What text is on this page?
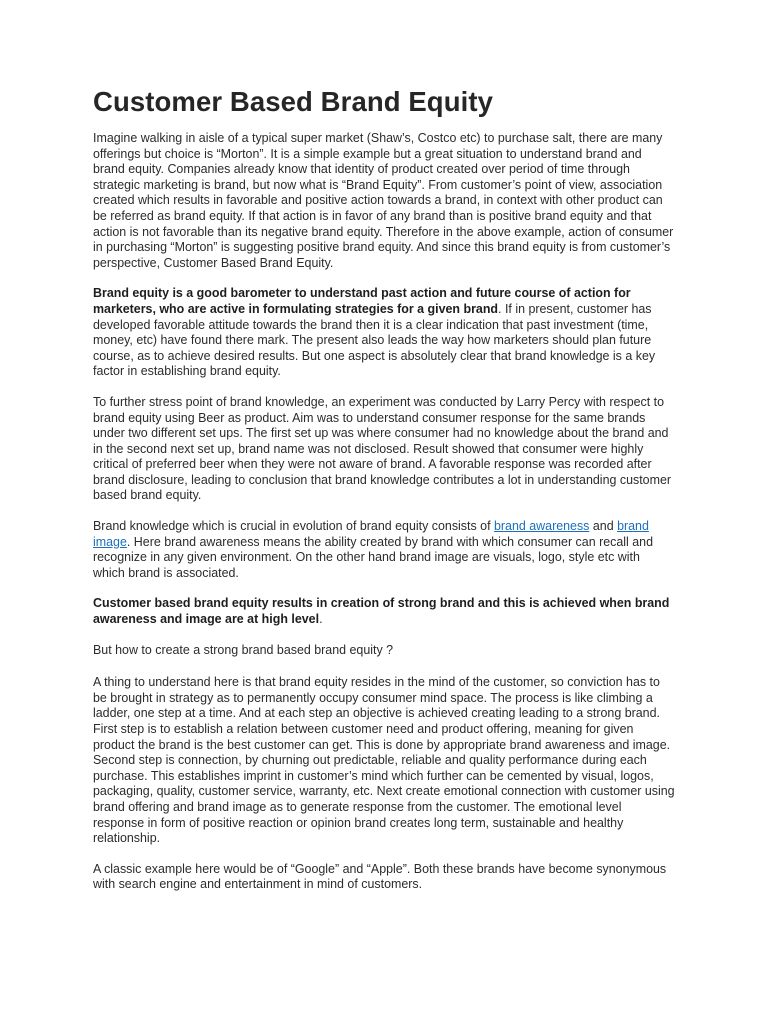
Customer Based Brand Equity

Imagine walking in aisle of a typical super market (Shaw’s, Costco etc) to purchase salt, there are many offerings but choice is “Morton”. It is a simple example but a great situation to understand brand and brand equity. Companies already know that identity of product created over period of time through strategic marketing is brand, but now what is “Brand Equity”. From customer’s point of view, association created which results in favorable and positive action towards a brand, in context with other product can be referred as brand equity. If that action is in favor of any brand than is positive brand equity and that action is not favorable than its negative brand equity. Therefore in the above example, action of consumer in purchasing “Morton” is suggesting positive brand equity. And since this brand equity is from customer’s perspective, Customer Based Brand Equity.

Brand equity is a good barometer to understand past action and future course of action for marketers, who are active in formulating strategies for a given brand. If in present, customer has developed favorable attitude towards the brand then it is a clear indication that past investment (time, money, etc) have found there mark. The present also leads the way how marketers should plan future course, as to achieve desired results. But one aspect is absolutely clear that brand knowledge is a key factor in establishing brand equity.

To further stress point of brand knowledge, an experiment was conducted by Larry Percy with respect to brand equity using Beer as product. Aim was to understand consumer response for the same brands under two different set ups. The first set up was where consumer had no knowledge about the brand and in the second next set up, brand name was not disclosed. Result showed that consumer were highly critical of preferred beer when they were not aware of brand. A favorable response was recorded after brand disclosure, leading to conclusion that brand knowledge contributes a lot in understanding customer based brand equity.

Brand knowledge which is crucial in evolution of brand equity consists of brand awareness and brand image. Here brand awareness means the ability created by brand with which consumer can recall and recognize in any given environment. On the other hand brand image are visuals, logo, style etc with which brand is associated.

Customer based brand equity results in creation of strong brand and this is achieved when brand awareness and image are at high level.

But how to create a strong brand based brand equity ?

A thing to understand here is that brand equity resides in the mind of the customer, so conviction has to be brought in strategy as to permanently occupy consumer mind space. The process is like climbing a ladder, one step at a time. And at each step an objective is achieved creating leading to a strong brand. First step is to establish a relation between customer need and product offering, meaning for given product the brand is the best customer can get. This is done by appropriate brand awareness and image. Second step is connection, by churning out predictable, reliable and quality performance during each purchase. This establishes imprint in customer’s mind which further can be cemented by visual, logos, packaging, quality, customer service, warranty, etc. Next create emotional connection with customer using brand offering and brand image as to generate response from the customer. The emotional level response in form of positive reaction or opinion brand creates long term, sustainable and healthy relationship.

A classic example here would be of “Google” and “Apple”. Both these brands have become synonymous with search engine and entertainment in mind of customers.
